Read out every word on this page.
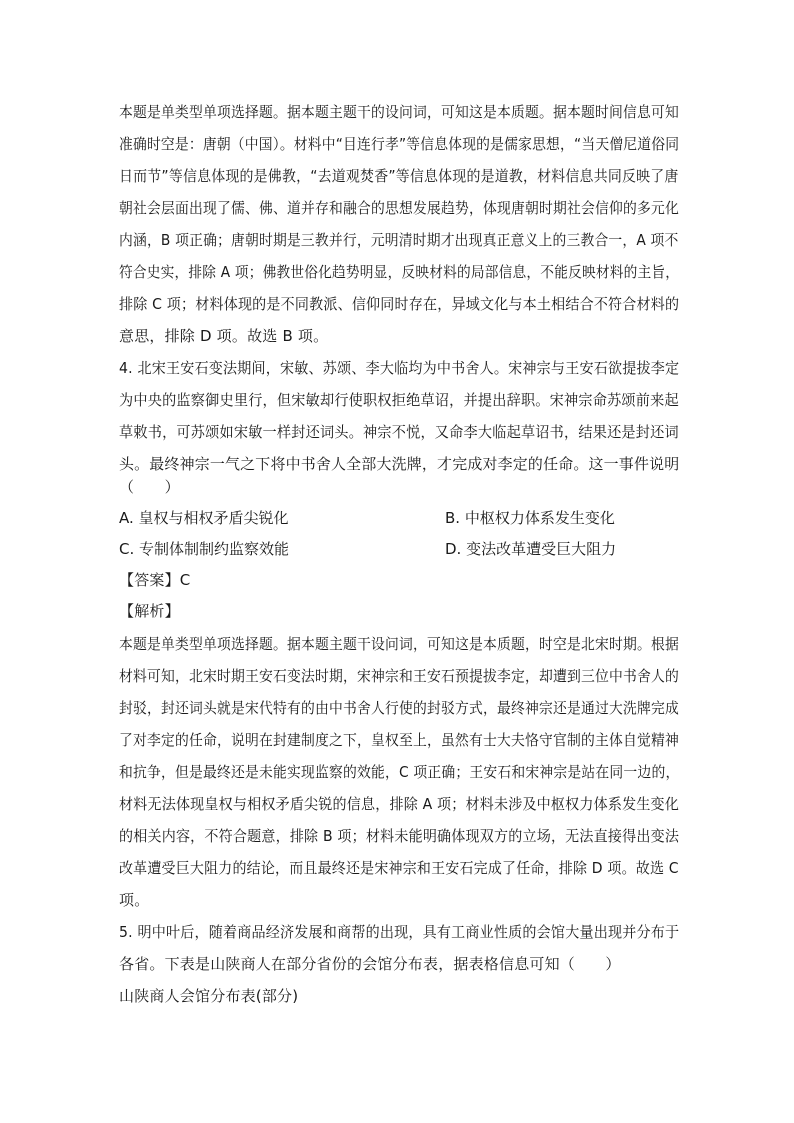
本题是单类型单项选择题。据本题主题干的设问词，可知这是本质题。据本题时间信息可知
准确时空是：唐朝（中国）。材料中“目连行孝”等信息体现的是儒家思想，“当天僧尼道俗同
日而节”等信息体现的是佛教，“去道观焚香”等信息体现的是道教，材料信息共同反映了唐
朝社会层面出现了儒、佛、道并存和融合的思想发展趋势，体现唐朝时期社会信仰的多元化
内涵，B 项正确；唐朝时期是三教并行，元明清时期才出现真正意义上的三教合一，A 项不
符合史实，排除 A 项；佛教世俗化趋势明显，反映材料的局部信息，不能反映材料的主旨，
排除 C 项；材料体现的是不同教派、信仰同时存在，异域文化与本土相结合不符合材料的
意思，排除 D 项。故选 B 项。
4. 北宋王安石变法期间，宋敏、苏颂、李大临均为中书舍人。宋神宗与王安石欲提拔李定
为中央的监察御史里行，但宋敏却行使职权拒绝草诏，并提出辞职。宋神宗命苏颂前来起
草敕书，可苏颂如宋敏一样封还词头。神宗不悦，又命李大临起草诏书，结果还是封还词
头。最终神宗一气之下将中书舍人全部大洗牌，才完成对李定的任命。这一事件说明
（　　）
A. 皇权与相权矛盾尖锐化	B. 中枢权力体系发生变化
C. 专制体制制约监察效能	D. 变法改革遭受巨大阻力
【答案】C
【解析】
本题是单类型单项选择题。据本题主题干设问词，可知这是本质题，时空是北宋时期。根据
材料可知，北宋时期王安石变法时期，宋神宗和王安石预提拔李定，却遭到三位中书舍人的
封驳，封还词头就是宋代特有的由中书舍人行使的封驳方式，最终神宗还是通过大洗牌完成
了对李定的任命，说明在封建制度之下，皇权至上，虽然有士大夫恪守官制的主体自觉精神
和抗争，但是最终还是未能实现监察的效能，C 项正确；王安石和宋神宗是站在同一边的，
材料无法体现皇权与相权矛盾尖锐的信息，排除 A 项；材料未涉及中枢权力体系发生变化
的相关内容，不符合题意，排除 B 项；材料未能明确体现双方的立场，无法直接得出变法
改革遭受巨大阻力的结论，而且最终还是宋神宗和王安石完成了任命，排除 D 项。故选 C
项。
5. 明中叶后，随着商品经济发展和商帮的出现，具有工商业性质的会馆大量出现并分布于
各省。下表是山陕商人在部分省份的会馆分布表，据表格信息可知（　　）
山陕商人会馆分布表(部分)
